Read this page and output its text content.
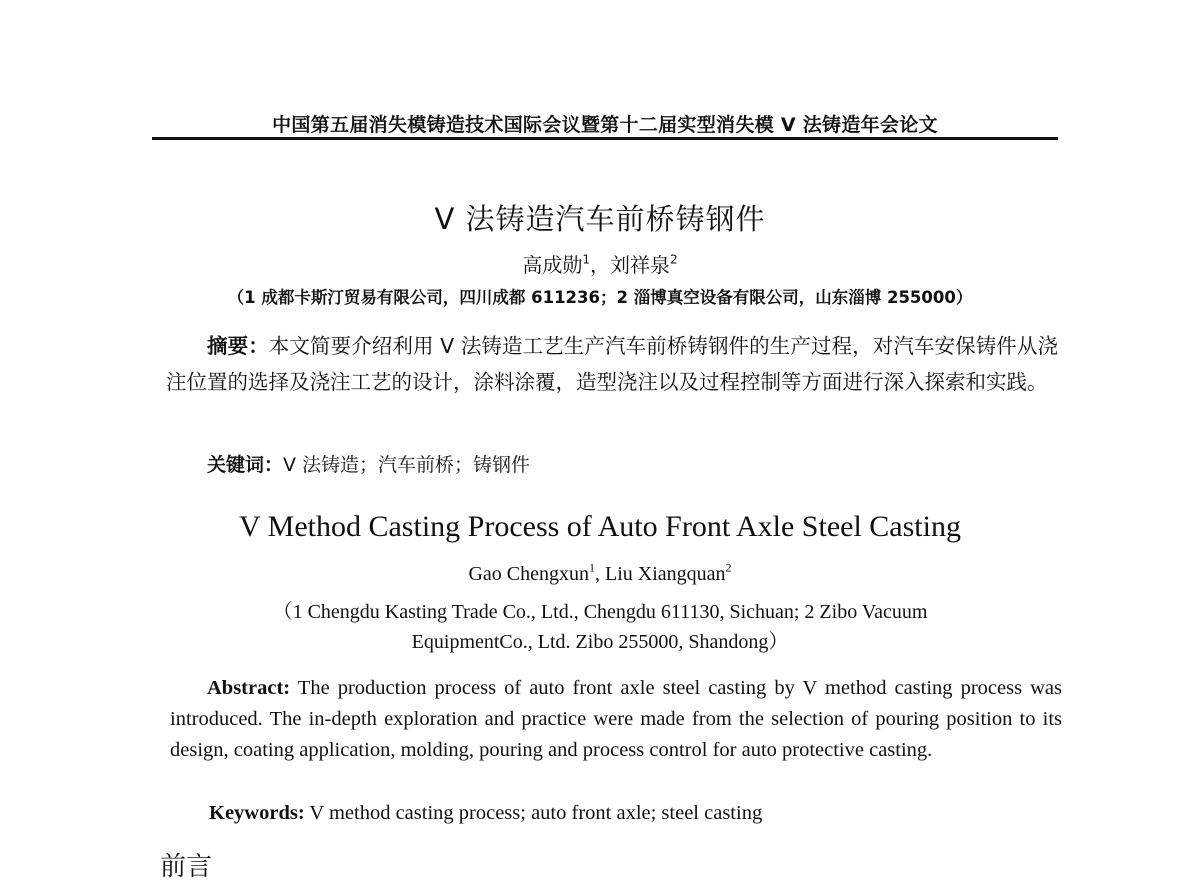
中国第五届消失模铸造技术国际会议暨第十二届实型消失模 V 法铸造年会论文
V 法铸造汽车前桥铸钢件
高成勋$^1$，刘祥泉$^2$
（1 成都卡斯汀贸易有限公司，四川成都 611236；2 淄博真空设备有限公司，山东淄博 255000）
摘要：本文简要介绍利用 V 法铸造工艺生产汽车前桥铸钢件的生产过程，对汽车安保铸件从浇注位置的选择及浇注工艺的设计，涂料涂覆，造型浇注以及过程控制等方面进行深入探索和实践。
关键词：V 法铸造；汽车前桥；铸钢件
V Method Casting Process of Auto Front Axle Steel Casting
Gao Chengxun$^1$, Liu Xiangquan$^2$
（1 Chengdu Kasting Trade Co., Ltd., Chengdu 611130, Sichuan; 2 Zibo Vacuum
EquipmentCo., Ltd. Zibo 255000, Shandong）
Abstract: The production process of auto front axle steel casting by V method casting process was introduced. The in-depth exploration and practice were made from the selection of pouring position to its design, coating application, molding, pouring and process control for auto protective casting.
Keywords: V method casting process; auto front axle; steel casting
前言
